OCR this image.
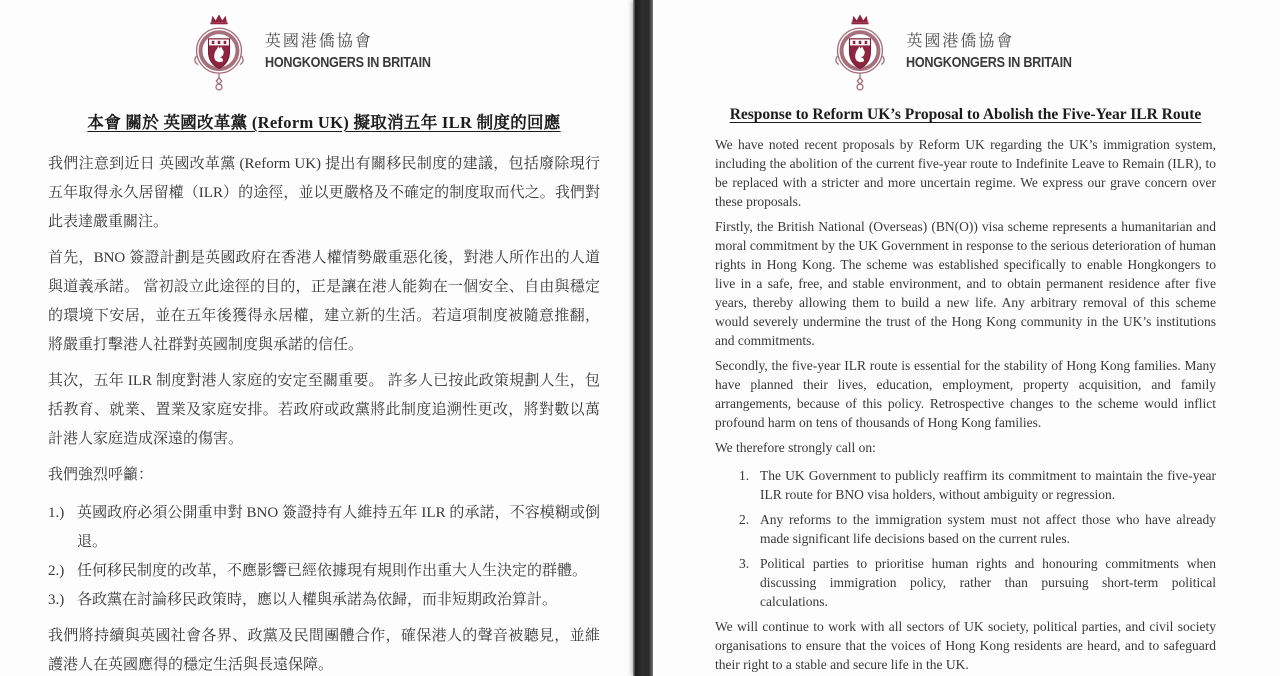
英國港僑協會
HONGKONGERS IN BRITAIN
本會 關於 英國改革黨 (Reform UK) 擬取消五年 ILR 制度的回應

我們注意到近日 英國改革黨 (Reform UK) 提出有關移民制度的建議，包括廢除現行五年取得永久居留權（ILR）的途徑，並以更嚴格及不確定的制度取而代之。我們對此表達嚴重關注。

首先，BNO 簽證計劃是英國政府在香港人權情勢嚴重惡化後，對港人所作出的人道與道義承諾。 當初設立此途徑的目的，正是讓在港人能夠在一個安全、自由與穩定的環境下安居，並在五年後獲得永居權，建立新的生活。若這項制度被隨意推翻，將嚴重打擊港人社群對英國制度與承諾的信任。

其次，五年 ILR 制度對港人家庭的安定至關重要。 許多人已按此政策規劃人生，包括教育、就業、置業及家庭安排。若政府或政黨將此制度追溯性更改，將對數以萬計港人家庭造成深遠的傷害。

我們強烈呼籲：

1.) 英國政府必須公開重申對 BNO 簽證持有人維持五年 ILR 的承諾，不容模糊或倒退。
2.) 任何移民制度的改革，不應影響已經依據現有規則作出重大人生決定的群體。
3.) 各政黨在討論移民政策時，應以人權與承諾為依歸，而非短期政治算計。

我們將持續與英國社會各界、政黨及民間團體合作，確保港人的聲音被聽見，並維護港人在英國應得的穩定生活與長遠保障。

英國港僑協會
HONGKONGERS IN BRITAIN
Response to Reform UK’s Proposal to Abolish the Five-Year ILR Route

We have noted recent proposals by Reform UK regarding the UK’s immigration system, including the abolition of the current five-year route to Indefinite Leave to Remain (ILR), to be replaced with a stricter and more uncertain regime. We express our grave concern over these proposals.

Firstly, the British National (Overseas) (BN(O)) visa scheme represents a humanitarian and moral commitment by the UK Government in response to the serious deterioration of human rights in Hong Kong. The scheme was established specifically to enable Hongkongers to live in a safe, free, and stable environment, and to obtain permanent residence after five years, thereby allowing them to build a new life. Any arbitrary removal of this scheme would severely undermine the trust of the Hong Kong community in the UK’s institutions and commitments.

Secondly, the five-year ILR route is essential for the stability of Hong Kong families. Many have planned their lives, education, employment, property acquisition, and family arrangements, because of this policy. Retrospective changes to the scheme would inflict profound harm on tens of thousands of Hong Kong families.

We therefore strongly call on:

1. The UK Government to publicly reaffirm its commitment to maintain the five-year ILR route for BNO visa holders, without ambiguity or regression.
2. Any reforms to the immigration system must not affect those who have already made significant life decisions based on the current rules.
3. Political parties to prioritise human rights and honouring commitments when discussing immigration policy, rather than pursuing short-term political calculations.

We will continue to work with all sectors of UK society, political parties, and civil society organisations to ensure that the voices of Hong Kong residents are heard, and to safeguard their right to a stable and secure life in the UK.
